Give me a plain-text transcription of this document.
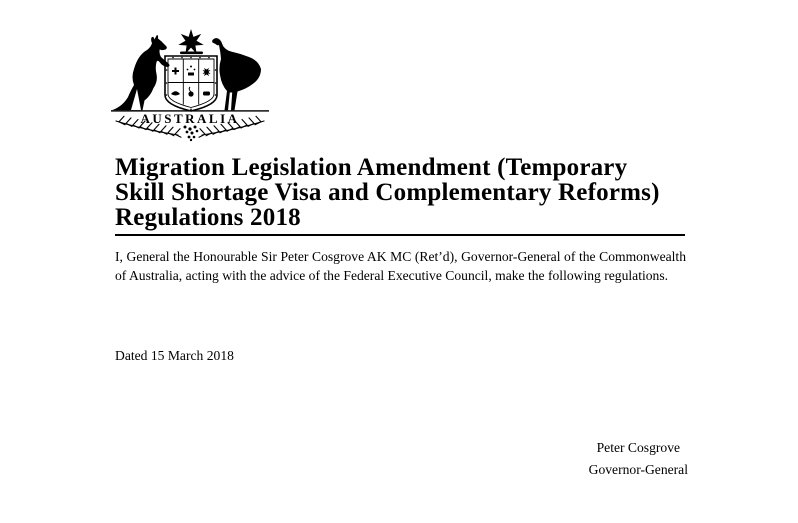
AUSTRALIA
Migration Legislation Amendment (Temporary
Skill Shortage Visa and Complementary Reforms)
Regulations 2018

I, General the Honourable Sir Peter Cosgrove AK MC (Ret’d), Governor-General of the Commonwealth of Australia, acting with the advice of the Federal Executive Council, make the following regulations.

Dated 15 March 2018

Peter Cosgrove
Governor-General
